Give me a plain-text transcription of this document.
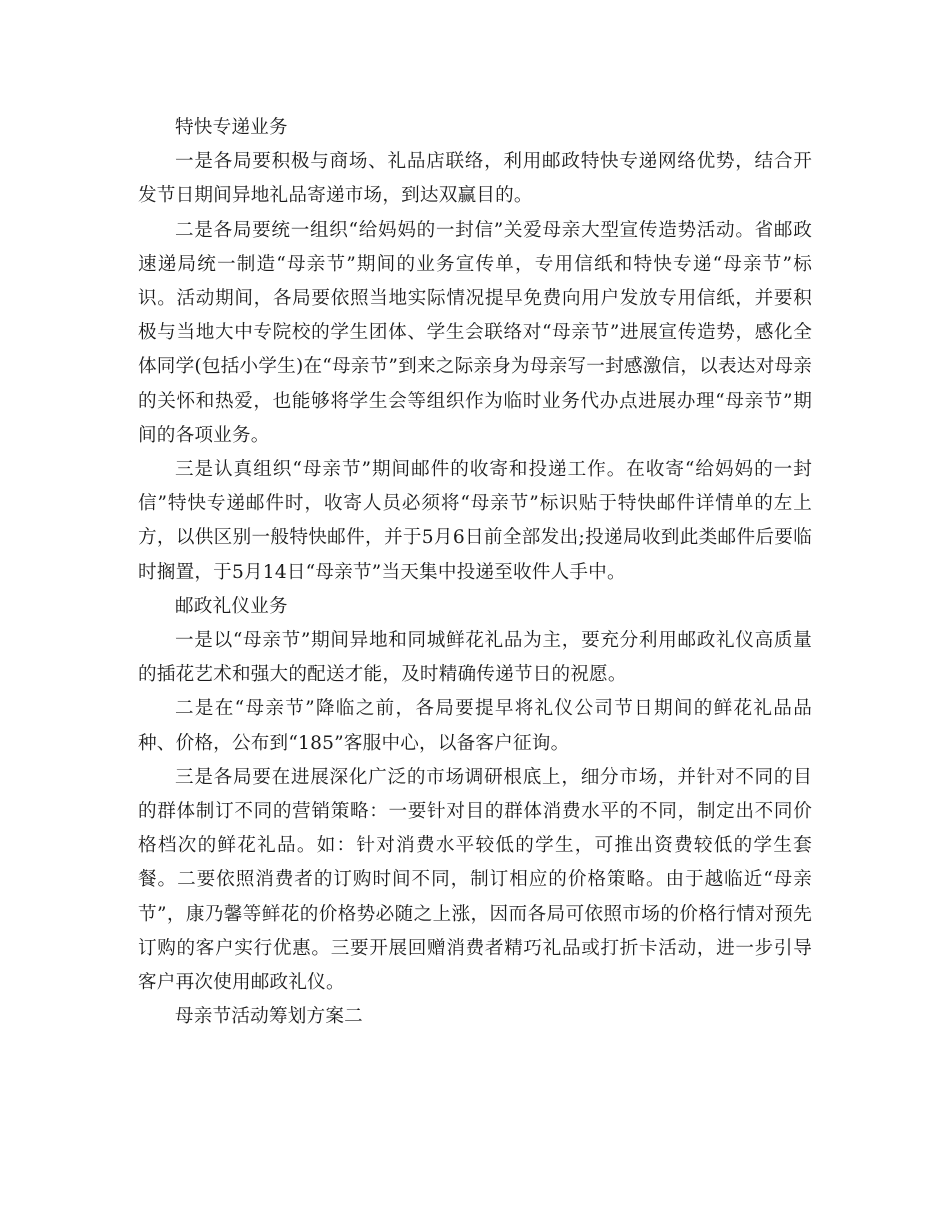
特快专递业务

一是各局要积极与商场、礼品店联络，利用邮政特快专递网络优势，结合开发节日期间异地礼品寄递市场，到达双赢目的。

二是各局要统一组织“给妈妈的一封信”关爱母亲大型宣传造势活动。省邮政速递局统一制造“母亲节”期间的业务宣传单，专用信纸和特快专递“母亲节”标识。活动期间，各局要依照当地实际情况提早免费向用户发放专用信纸，并要积极与当地大中专院校的学生团体、学生会联络对“母亲节”进展宣传造势，感化全体同学(包括小学生)在“母亲节”到来之际亲身为母亲写一封感激信，以表达对母亲的关怀和热爱，也能够将学生会等组织作为临时业务代办点进展办理“母亲节”期间的各项业务。

三是认真组织“母亲节”期间邮件的收寄和投递工作。在收寄“给妈妈的一封信”特快专递邮件时，收寄人员必须将“母亲节”标识贴于特快邮件详情单的左上方，以供区别一般特快邮件，并于5月6日前全部发出;投递局收到此类邮件后要临时搁置，于5月14日“母亲节”当天集中投递至收件人手中。

邮政礼仪业务

一是以“母亲节”期间异地和同城鲜花礼品为主，要充分利用邮政礼仪高质量的插花艺术和强大的配送才能，及时精确传递节日的祝愿。

二是在“母亲节”降临之前，各局要提早将礼仪公司节日期间的鲜花礼品品种、价格，公布到“185”客服中心，以备客户征询。

三是各局要在进展深化广泛的市场调研根底上，细分市场，并针对不同的目的群体制订不同的营销策略：一要针对目的群体消费水平的不同，制定出不同价格档次的鲜花礼品。如：针对消费水平较低的学生，可推出资费较低的学生套餐。二要依照消费者的订购时间不同，制订相应的价格策略。由于越临近“母亲节”，康乃馨等鲜花的价格势必随之上涨，因而各局可依照市场的价格行情对预先订购的客户实行优惠。三要开展回赠消费者精巧礼品或打折卡活动，进一步引导客户再次使用邮政礼仪。

母亲节活动筹划方案二
